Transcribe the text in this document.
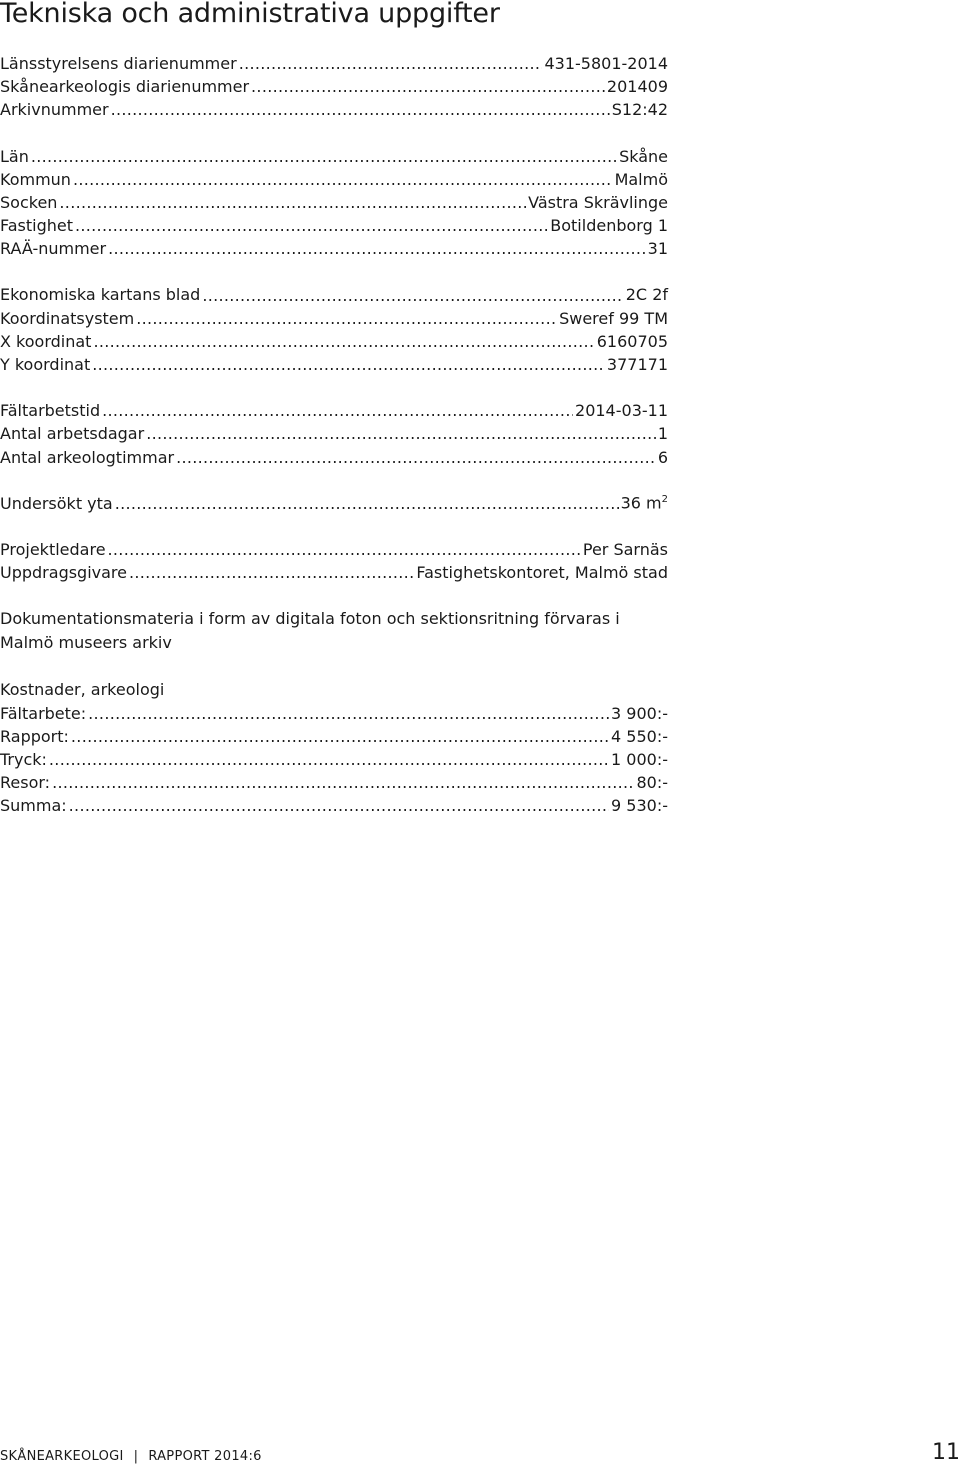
Tekniska och administrativa uppgifter
Länsstyrelsens diarienummer .....	431-5801-2014
Skånearkeologis diarienummer .....	201409
Arkivnummer .....	S12:42
Län .....	Skåne
Kommun .....	Malmö
Socken .....	Västra Skrävlinge
Fastighet .....	Botildenborg 1
RAÄ-nummer .....	31
Ekonomiska kartans blad .....	2C 2f
Koordinatsystem .....	Sweref 99 TM
X koordinat .....	6160705
Y koordinat .....	377171
Fältarbetstid .....	2014-03-11
Antal arbetsdagar .....	1
Antal arkeologtimmar .....	6
Undersökt yta .....	36 $m^2$
Projektledare .....	Per Sarnäs
Uppdragsgivare .....	Fastighetskontoret, Malmö stad

Dokumentationsmateria i form av digitala foton och sektionsritning förvaras i Malmö museers arkiv

Kostnader, arkeologi
Fältarbete: .....	3 900:-
Rapport: .....	4 550:-
Tryck: .....	1 000:-
Resor: .....	80:-
Summa: .....	9 530:-
SKÅNEARKEOLOGI | RAPPORT 2014:6	11
